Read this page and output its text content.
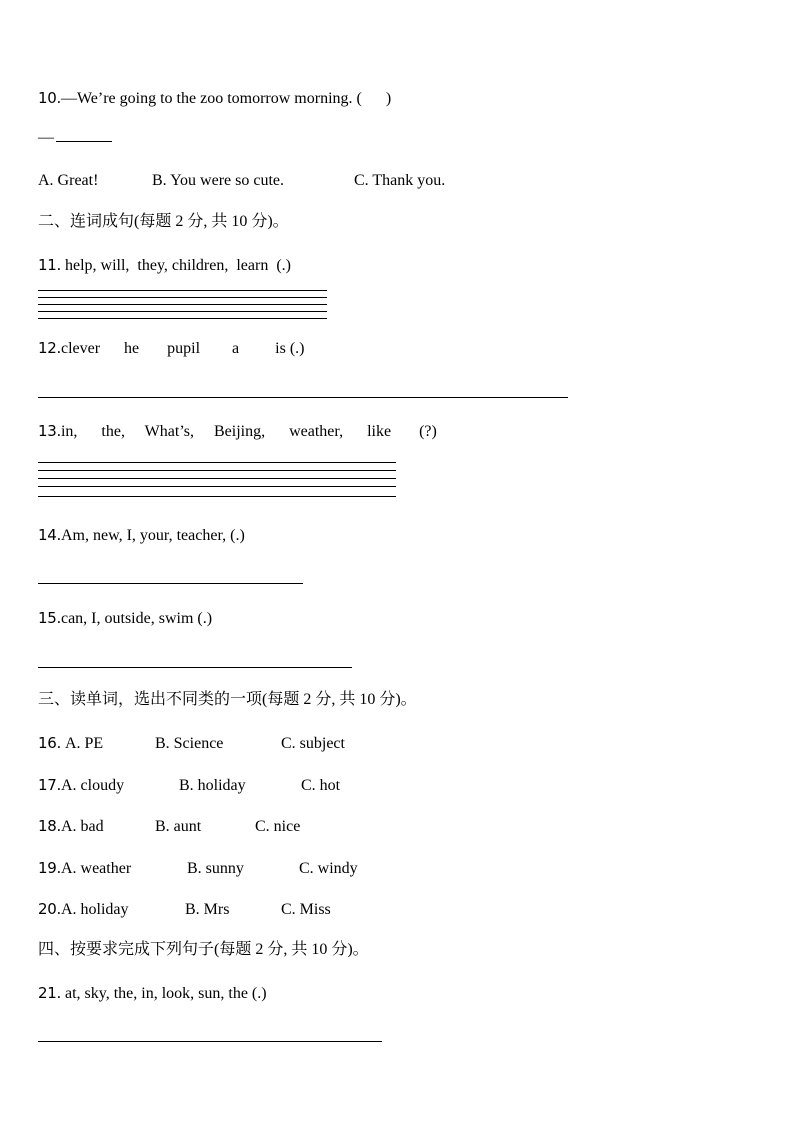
10.—We’re going to the zoo tomorrow morning. (      )
—
A. Great!	B. You were so cute.	C. Thank you.
二、连词成句(每题 2 分, 共 10 分)。
11. help, will,  they, children,  learn  (.)
12.clever      he       pupil        a         is (.)
13.in,      the,     What’s,     Beijing,      weather,      like       (?)
14.Am, new, I, your, teacher, (.)
15.can, I, outside, swim (.)
三、读单词，选出不同类的一项(每题 2 分, 共 10 分)。
16. A. PE	B. Science	C. subject
17.A. cloudy	B. holiday	C. hot
18.A. bad	B. aunt	C. nice
19.A. weather	B. sunny	C. windy
20.A. holiday	B. Mrs	C. Miss
四、按要求完成下列句子(每题 2 分, 共 10 分)。
21. at, sky, the, in, look, sun, the (.)
